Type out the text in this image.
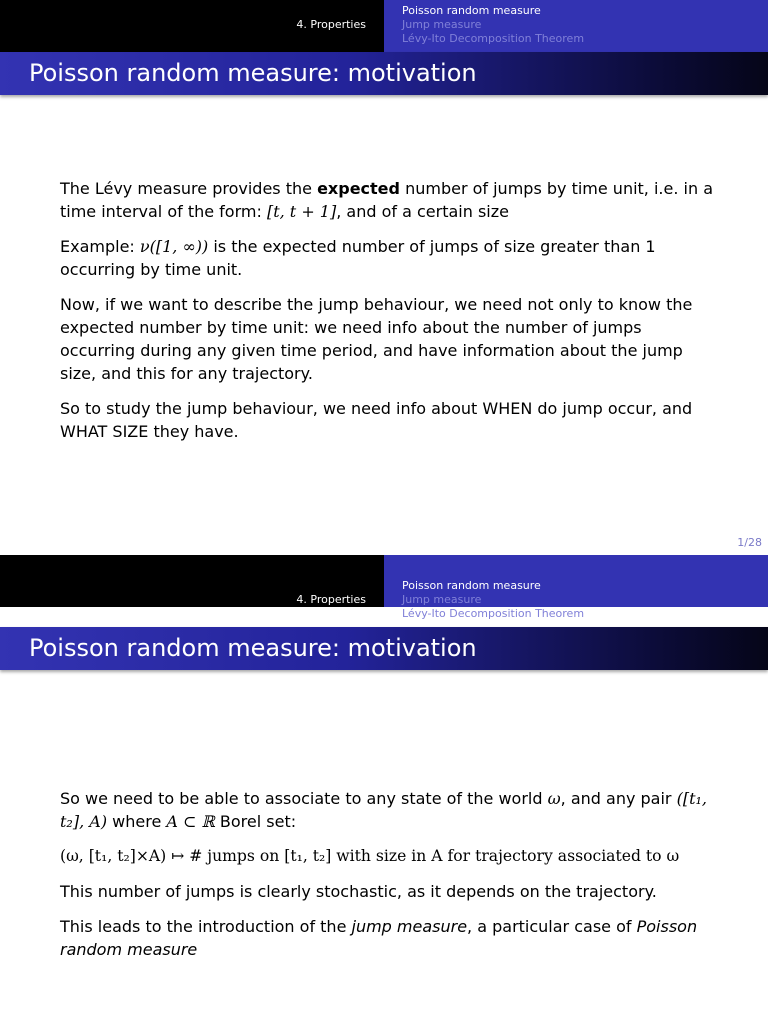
4. Properties
Poisson random measure
Jump measure
Lévy-Ito Decomposition Theorem
Poisson random measure: motivation

The Lévy measure provides the expected number of jumps by time unit, i.e. in a time interval of the form: [t, t + 1], and of a certain size

Example: ν([1, ∞)) is the expected number of jumps of size greater than 1 occurring by time unit.

Now, if we want to describe the jump behaviour, we need not only to know the expected number by time unit: we need info about the number of jumps occurring during any given time period, and have information about the jump size, and this for any trajectory.

So to study the jump behaviour, we need info about WHEN do jump occur, and WHAT SIZE they have.

1/28
4. Properties
Poisson random measure
Jump measure
Lévy-Ito Decomposition Theorem
Poisson random measure: motivation

So we need to be able to associate to any state of the world ω, and any pair ([t₁, t₂], A) where A ⊂ ℝ Borel set:

(ω, [t₁, t₂]×A) ↦ # jumps on [t₁, t₂] with size in A for trajectory associated to ω

This number of jumps is clearly stochastic, as it depends on the trajectory.

This leads to the introduction of the jump measure, a particular case of Poisson random measure
